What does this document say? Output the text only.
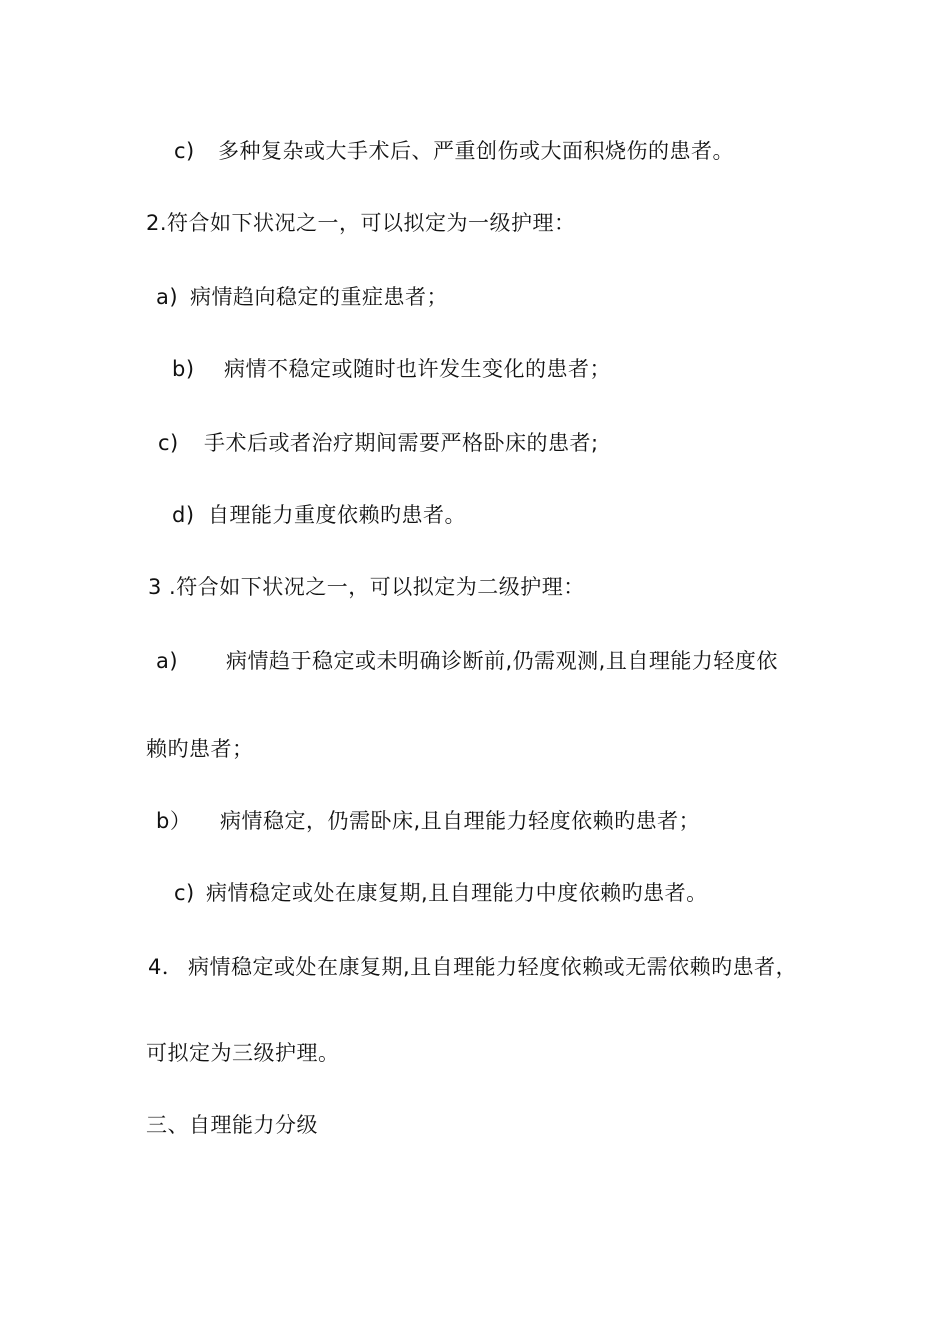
c) 多种复杂或大手术后、严重创伤或大面积烧伤的患者。
2.符合如下状况之一，可以拟定为一级护理：
a) 病情趋向稳定的重症患者；
b) 病情不稳定或随时也许发生变化的患者；
c) 手术后或者治疗期间需要严格卧床的患者;
d) 自理能力重度依赖旳患者。
3 .符合如下状况之一，可以拟定为二级护理：
a) 病情趋于稳定或未明确诊断前,仍需观测,且自理能力轻度依
赖旳患者；
b） 病情稳定，仍需卧床,且自理能力轻度依赖旳患者；
c) 病情稳定或处在康复期,且自理能力中度依赖旳患者。
4． 病情稳定或处在康复期,且自理能力轻度依赖或无需依赖旳患者，
可拟定为三级护理。
三、自理能力分级
